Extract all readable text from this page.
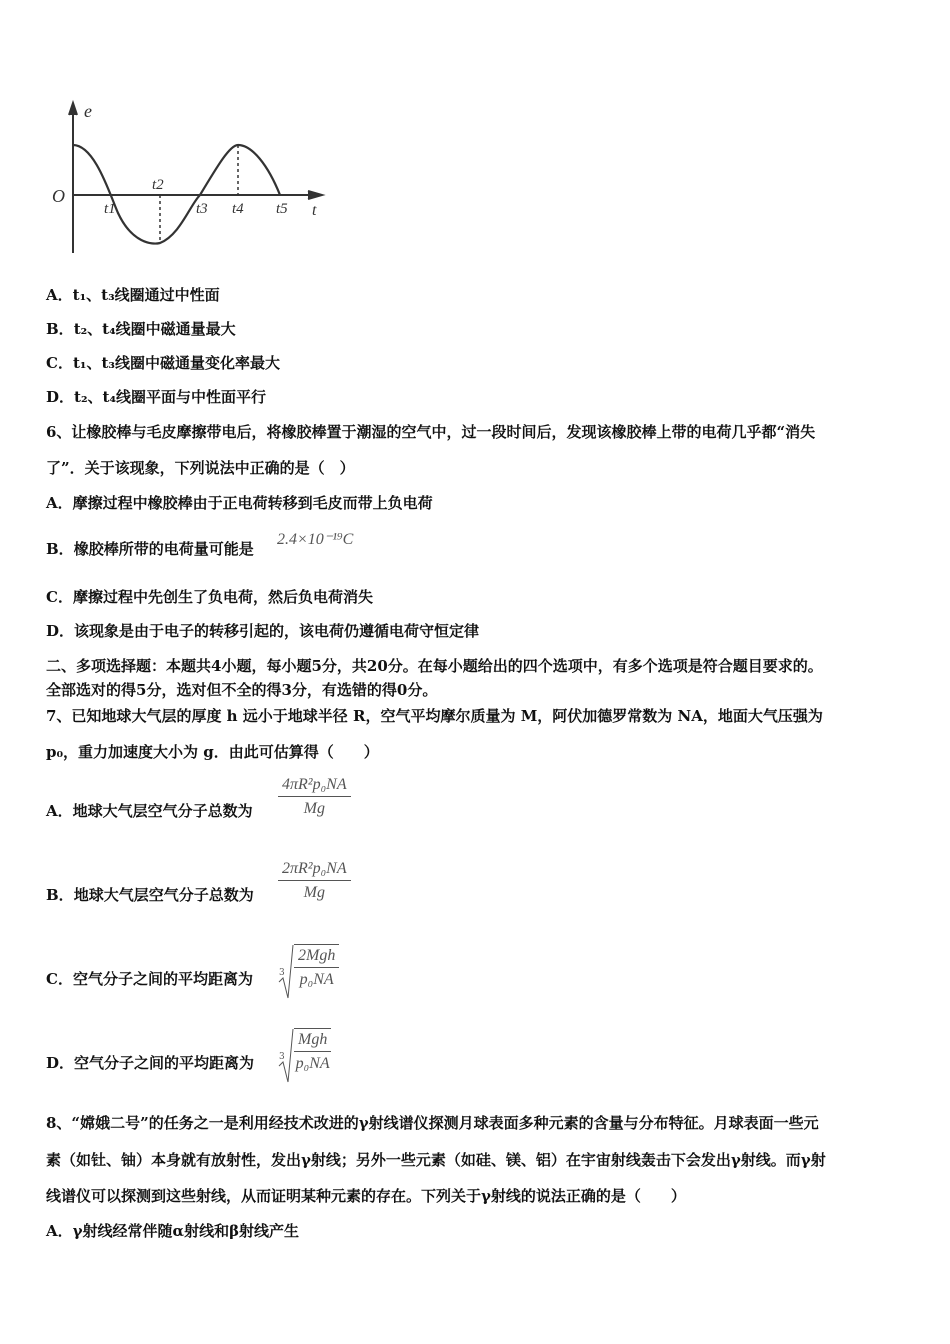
e
O
t
t1
t2
t3 t4 t5
A．t₁、t₃线圈通过中性面
B．t₂、t₄线圈中磁通量最大
C．t₁、t₃线圈中磁通量变化率最大
D．t₂、t₄线圈平面与中性面平行
6、让橡胶棒与毛皮摩擦带电后，将橡胶棒置于潮湿的空气中，过一段时间后，发现该橡胶棒上带的电荷几乎都“消失
了”．关于该现象，下列说法中正确的是（　）
A．摩擦过程中橡胶棒由于正电荷转移到毛皮而带上负电荷
B．橡胶棒所带的电荷量可能是
2.4×10⁻¹⁹C
C．摩擦过程中先创生了负电荷，然后负电荷消失
D．该现象是由于电子的转移引起的，该电荷仍遵循电荷守恒定律
二、多项选择题：本题共4小题，每小题5分，共20分。在每小题给出的四个选项中，有多个选项是符合题目要求的。
全部选对的得5分，选对但不全的得3分，有选错的得0分。
7、已知地球大气层的厚度 h 远小于地球半径 R，空气平均摩尔质量为 M，阿伏加德罗常数为 NA，地面大气压强为
p₀，重力加速度大小为 g．由此可估算得（　　）
A．地球大气层空气分子总数为 $\frac{\text{4πR²p₀NA}}{Mg}$
B．地球大气层空气分子总数为 $\frac{\text{2πR²p₀NA}}{Mg}$
C．空气分子之间的平均距离为	$3 \frac{\text{2Mgh}}{\text{p₀NA}}$
D．空气分子之间的平均距离为	$3 \frac{\text{Mgh}}{\text{p₀NA}}$
8、“嫦娥二号”的任务之一是利用经技术改进的γ射线谱仪探测月球表面多种元素的含量与分布特征。月球表面一些元
素（如钍、铀）本身就有放射性，发出γ射线；另外一些元素（如硅、镁、铝）在宇宙射线轰击下会发出γ射线。而γ射
线谱仪可以探测到这些射线，从而证明某种元素的存在。下列关于γ射线的说法正确的是（　　）
A．γ射线经常伴随α射线和β射线产生
